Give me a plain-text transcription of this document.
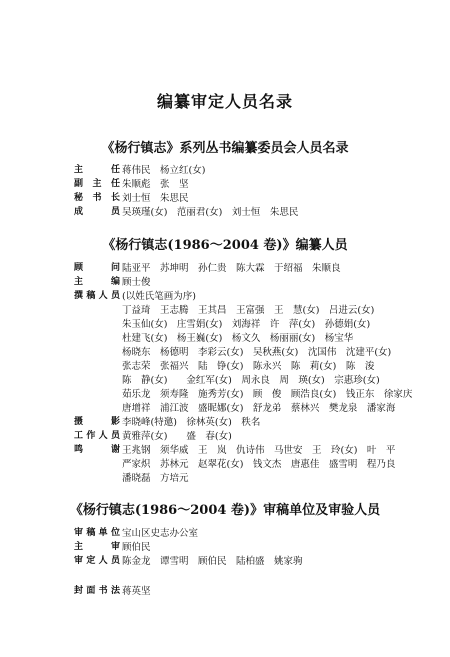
编纂审定人员名录
《杨行镇志》系列丛书编纂委员会人员名录
主任 蒋伟民　杨立红(女)
副主任 朱顺彪　张　坚
秘书长 刘士恒　朱思民
成员 吴瑛瑾(女)　范丽君(女)　刘士恒　朱思民
《杨行镇志(1986～2004 卷)》编纂人员
顾问 陆亚平　苏坤明　孙仁贵　陈大霖　于绍福　朱顺良
主编 顾士俊
撰稿人员 (以姓氏笔画为序)
丁益琦　王志腾　王其昌　王富强　王　慧(女)　吕进云(女)
朱玉仙(女)　庄雪娟(女)　刘海祥　许　萍(女)　孙德娟(女)
杜建飞(女)　杨王巍(女)　杨文久　杨丽丽(女)　杨宝华
杨晓东　杨德明　李彩云(女)　吴秋燕(女)　沈国伟　沈建平(女)
张志荣　张福兴　陆　铮(女)　陈永兴　陈　莉(女)　陈　浚
陈　静(女)　　金红军(女)　周永良　周　瑛(女)　宗惠珍(女)
茹乐龙　须寿隆　施秀芳(女)　顾　俊　顾浩良(女)　钱正东　徐家庆
唐增祥　浦江波　盛昵娜(女)　舒龙弟　蔡林兴　樊龙泉　潘家海
摄影 李晓峰(特邀)　徐林英(女)　秩名
工作人员 黄雅萍(女)　　盛　春(女)
鸣谢 王兆钢　须华威　王　岚　仇诗伟　马世安　王　玲(女)　叶　平
严家炽　苏林元　赵翠花(女)　钱文杰　唐惠佳　盛雪明　程乃良
潘晓磊　方培元
《杨行镇志(1986～2004 卷)》审稿单位及审验人员
审稿单位 宝山区史志办公室
主审 顾伯民
审定人员 陈金龙　谭雪明　顾伯民　陆柏盛　姚家驹
封面书法 蒋英坚
